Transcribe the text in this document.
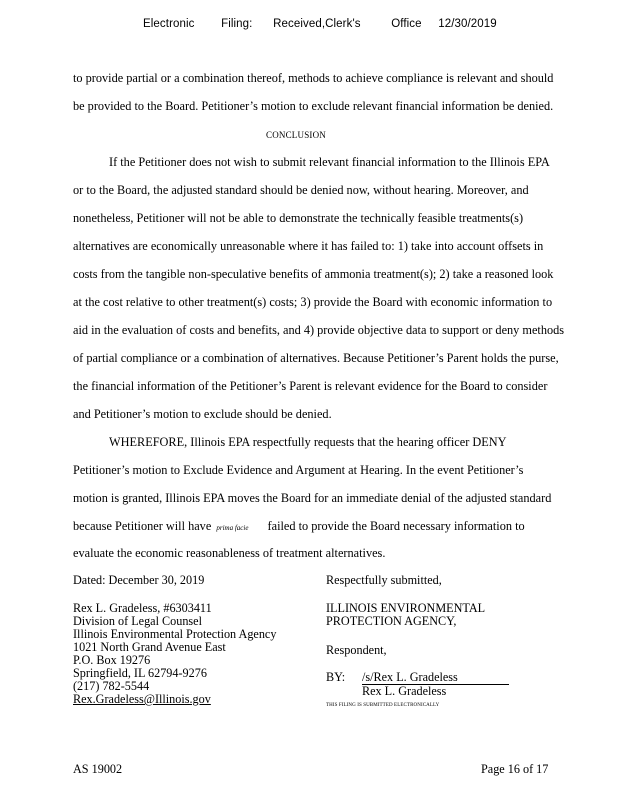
Electronic Filing: Received,Clerk's	Office 12/30/2019
to provide partial or a combination thereof, methods to achieve compliance is relevant and should
be provided to the Board. Petitioner’s motion to exclude relevant financial information be denied.
CONCLUSION
If the Petitioner does not wish to submit relevant financial information to the Illinois EPA
or to the Board, the adjusted standard should be denied now, without hearing. Moreover, and
nonetheless, Petitioner will not be able to demonstrate the technically feasible treatments(s)
alternatives are economically unreasonable where it has failed to: 1) take into account offsets in
costs from the tangible non-speculative benefits of ammonia treatment(s); 2) take a reasoned look
at the cost relative to other treatment(s) costs; 3) provide the Board with economic information to
aid in the evaluation of costs and benefits, and 4) provide objective data to support or deny methods
of partial compliance or a combination of alternatives. Because Petitioner’s Parent holds the purse,
the financial information of the Petitioner’s Parent is relevant evidence for the Board to consider
and Petitioner’s motion to exclude should be denied.
WHEREFORE, Illinois EPA respectfully requests that the hearing officer DENY
Petitioner’s motion to Exclude Evidence and Argument at Hearing. In the event Petitioner’s
motion is granted, Illinois EPA moves the Board for an immediate denial of the adjusted standard
because Petitioner will have prima facie failed to provide the Board necessary information to
evaluate the economic reasonableness of treatment alternatives.
Dated: December 30, 2019	Respectfully submitted,
Rex L. Gradeless, #6303411
Division of Legal Counsel
Illinois Environmental Protection Agency
1021 North Grand Avenue East
P.O. Box 19276
Springfield, IL 62794-9276
(217) 782-5544
Rex.Gradeless@Illinois.gov
ILLINOIS ENVIRONMENTAL
PROTECTION AGENCY,
Respondent,
BY: /s/Rex L. Gradeless
Rex L. Gradeless
THIS FILING IS SUBMITTED ELECTRONICALLY
AS 19002	Page 16 of 17
